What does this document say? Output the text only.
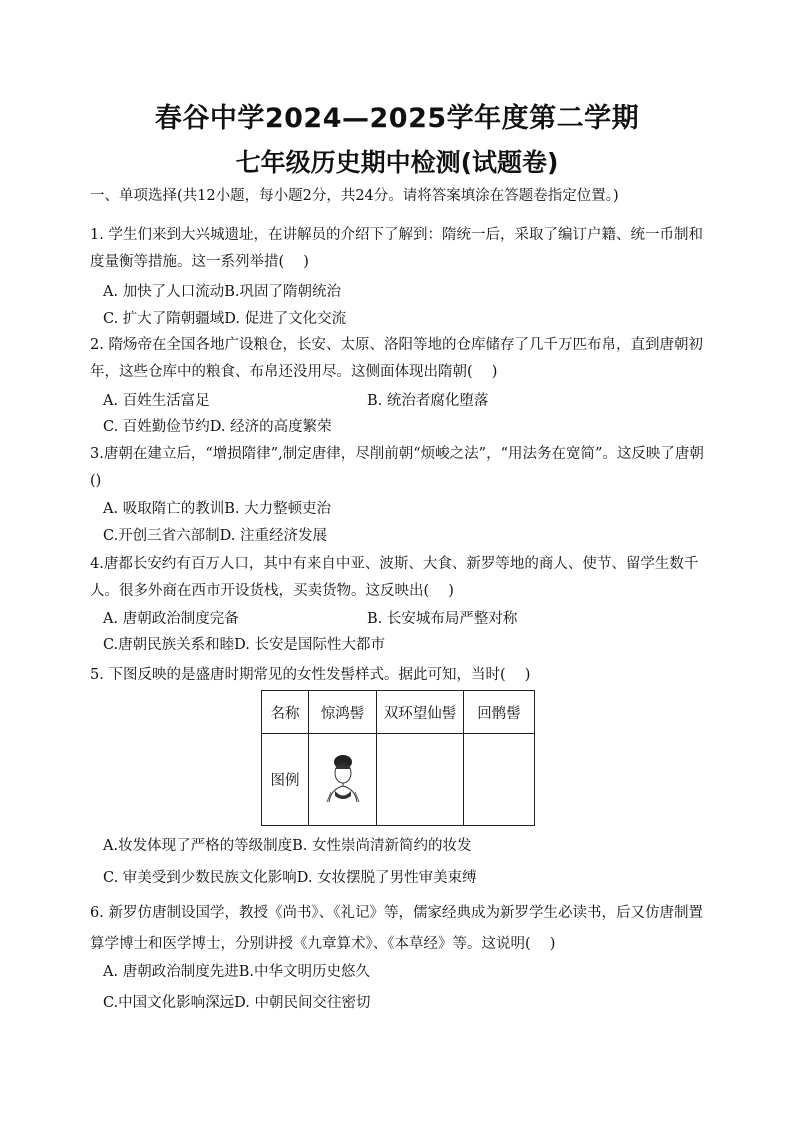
春谷中学2024—2025学年度第二学期
七年级历史期中检测(试题卷)
一、单项选择(共12小题，每小题2分，共24分。请将答案填涂在答题卷指定位置。)
1. 学生们来到大兴城遗址，在讲解员的介绍下了解到：隋统一后，采取了编订户籍、统一币制和度量衡等措施。这一系列举措(　 )
A. 加快了人口流动B.巩固了隋朝统治
C. 扩大了隋朝疆域D. 促进了文化交流
2. 隋炀帝在全国各地广设粮仓，长安、太原、洛阳等地的仓库储存了几千万匹布帛，直到唐朝初年，这些仓库中的粮食、布帛还没用尽。这侧面体现出隋朝(　 )
A. 百姓生活富足	B. 统治者腐化堕落
C. 百姓勤俭节约D. 经济的高度繁荣
3.唐朝在建立后，“增损隋律”,制定唐律，尽削前朝“烦峻之法”，“用法务在宽简”。这反映了唐朝()
A. 吸取隋亡的教训B. 大力整顿吏治
C.开创三省六部制D. 注重经济发展
4.唐都长安约有百万人口，其中有来自中亚、波斯、大食、新罗等地的商人、使节、留学生数千人。很多外商在西市开设货栈，买卖货物。这反映出(　 )
A. 唐朝政治制度完备	B. 长安城布局严整对称
C.唐朝民族关系和睦D. 长安是国际性大都市
5. 下图反映的是盛唐时期常见的女性发髻样式。据此可知，当时(　 )
名称	惊鸿髻	双环望仙髻	回鹘髻
图例			
A.妆发体现了严格的等级制度B. 女性崇尚清新简约的妆发
C. 审美受到少数民族文化影响D. 女妆摆脱了男性审美束缚
6. 新罗仿唐制设国学，教授《尚书》、《礼记》等，儒家经典成为新罗学生必读书，后又仿唐制置算学博士和医学博士，分别讲授《九章算术》、《本草经》等。这说明(　 )
A. 唐朝政治制度先进B.中华文明历史悠久
C.中国文化影响深远D. 中朝民间交往密切
